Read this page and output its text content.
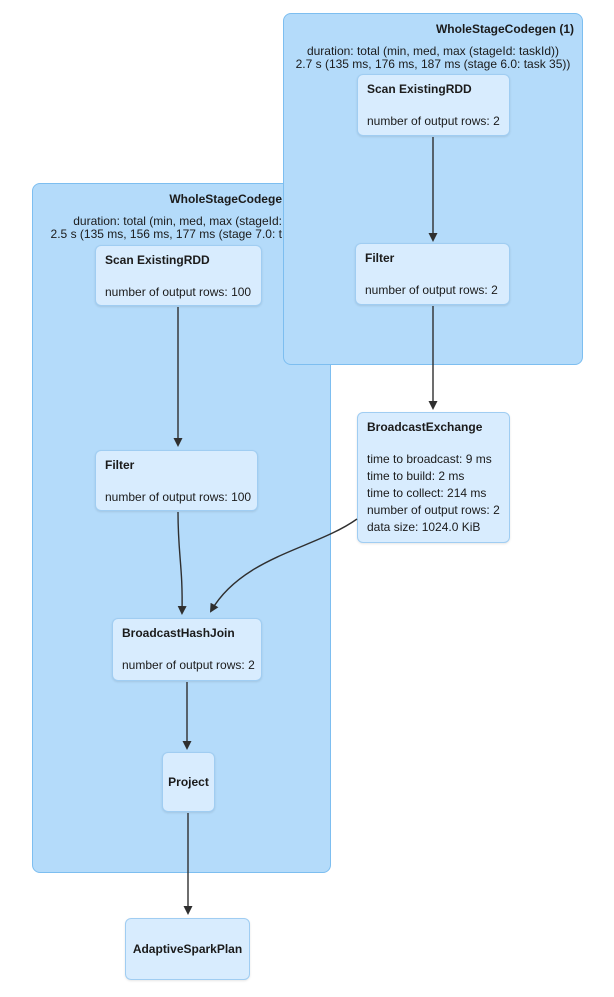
WholeStageCodege
duration: total (min, med, max (stageId:
2.5 s (135 ms, 156 ms, 177 ms (stage 7.0: t
WholeStageCodegen (1)
duration: total (min, med, max (stageId: taskId))
2.7 s (135 ms, 176 ms, 187 ms (stage 6.0: task 35))
Scan ExistingRDD
number of output rows: 2
Filter
number of output rows: 2
BroadcastExchange
time to broadcast: 9 ms
time to build: 2 ms
time to collect: 214 ms
number of output rows: 2
data size: 1024.0 KiB
Scan ExistingRDD
number of output rows: 100
Filter
number of output rows: 100
BroadcastHashJoin
number of output rows: 2
Project
AdaptiveSparkPlan
